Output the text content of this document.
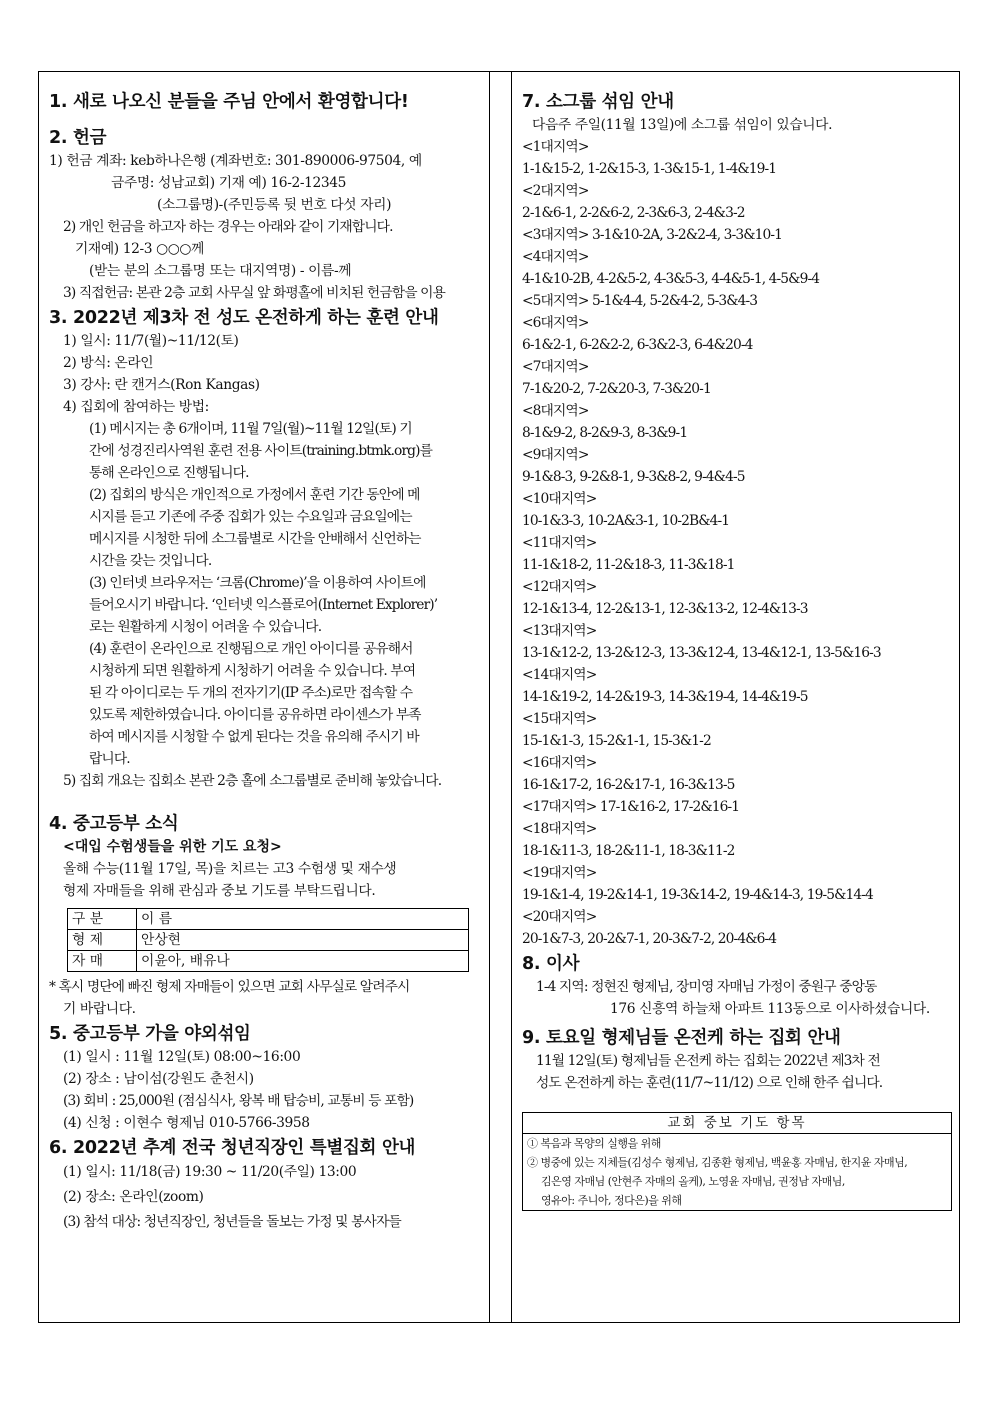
1. 새로 나오신 분들을 주님 안에서 환영합니다!
2. 헌금
1) 헌금 계좌: keb하나은행 (계좌번호: 301-890006-97504, 예
금주명: 성남교회) 기재 예) 16-2-12345
(소그룹명)-(주민등록 뒷 번호 다섯 자리)
2) 개인 헌금을 하고자 하는 경우는 아래와 같이 기재합니다.
기재예) 12-3 ○○○께
(받는 분의 소그룹명 또는 대지역명) - 이름-께
3) 직접헌금: 본관 2층 교회 사무실 앞 화평홀에 비치된 헌금함을 이용
3. 2022년 제3차 전 성도 온전하게 하는 훈련 안내
1) 일시: 11/7(월)~11/12(토)
2) 방식: 온라인
3) 강사: 란 캔거스(Ron Kangas)
4) 집회에 참여하는 방법:
(1) 메시지는 총 6개이며, 11월 7일(월)~11월 12일(토) 기
간에 성경진리사역원 훈련 전용 사이트(training.btmk.org)를
통해 온라인으로 진행됩니다.
(2) 집회의 방식은 개인적으로 가정에서 훈련 기간 동안에 메
시지를 듣고 기존에 주중 집회가 있는 수요일과 금요일에는
메시지를 시청한 뒤에 소그룹별로 시간을 안배해서 신언하는
시간을 갖는 것입니다.
(3) 인터넷 브라우저는 ‘크롬(Chrome)’을 이용하여 사이트에
들어오시기 바랍니다. ‘인터넷 익스플로어(Internet Explorer)’
로는 원활하게 시청이 어려울 수 있습니다.
(4) 훈련이 온라인으로 진행됨으로 개인 아이디를 공유해서
시청하게 되면 원활하게 시청하기 어려울 수 있습니다. 부여
된 각 아이디로는 두 개의 전자기기(IP 주소)로만 접속할 수
있도록 제한하였습니다. 아이디를 공유하면 라이센스가 부족
하여 메시지를 시청할 수 없게 된다는 것을 유의해 주시기 바
랍니다.
5) 집회 개요는 집회소 본관 2층 홀에 소그룹별로 준비해 놓았습니다.
4. 중고등부 소식
<대입 수험생들을 위한 기도 요청>
올해 수능(11월 17일, 목)을 치르는 고3 수험생 및 재수생
형제 자매들을 위해 관심과 중보 기도를 부탁드립니다.
구 분	이 름
형 제	안상현
자 매	이윤아, 배유나
* 혹시 명단에 빠진 형제 자매들이 있으면 교회 사무실로 알려주시
기 바랍니다.
5. 중고등부 가을 야외섞임
(1) 일시 : 11월 12일(토) 08:00~16:00
(2) 장소 : 남이섬(강원도 춘천시)
(3) 회비 : 25,000원 (점심식사, 왕복 배 탑승비, 교통비 등 포함)
(4) 신청 : 이현수 형제님 010-5766-3958
6. 2022년 추계 전국 청년직장인 특별집회 안내
(1) 일시: 11/18(금) 19:30 ~ 11/20(주일) 13:00
(2) 장소: 온라인(zoom)
(3) 참석 대상: 청년직장인, 청년들을 돌보는 가정 및 봉사자들
7. 소그룹 섞임 안내
다음주 주일(11월 13일)에 소그룹 섞임이 있습니다.
<1대지역>
1-1&15-2, 1-2&15-3, 1-3&15-1, 1-4&19-1
<2대지역>
2-1&6-1, 2-2&6-2, 2-3&6-3, 2-4&3-2
<3대지역> 3-1&10-2A, 3-2&2-4, 3-3&10-1
<4대지역>
4-1&10-2B, 4-2&5-2, 4-3&5-3, 4-4&5-1, 4-5&9-4
<5대지역> 5-1&4-4, 5-2&4-2, 5-3&4-3
<6대지역>
6-1&2-1, 6-2&2-2, 6-3&2-3, 6-4&20-4
<7대지역>
7-1&20-2, 7-2&20-3, 7-3&20-1
<8대지역>
8-1&9-2, 8-2&9-3, 8-3&9-1
<9대지역>
9-1&8-3, 9-2&8-1, 9-3&8-2, 9-4&4-5
<10대지역>
10-1&3-3, 10-2A&3-1, 10-2B&4-1
<11대지역>
11-1&18-2, 11-2&18-3, 11-3&18-1
<12대지역>
12-1&13-4, 12-2&13-1, 12-3&13-2, 12-4&13-3
<13대지역>
13-1&12-2, 13-2&12-3, 13-3&12-4, 13-4&12-1, 13-5&16-3
<14대지역>
14-1&19-2, 14-2&19-3, 14-3&19-4, 14-4&19-5
<15대지역>
15-1&1-3, 15-2&1-1, 15-3&1-2
<16대지역>
16-1&17-2, 16-2&17-1, 16-3&13-5
<17대지역> 17-1&16-2, 17-2&16-1
<18대지역>
18-1&11-3, 18-2&11-1, 18-3&11-2
<19대지역>
19-1&1-4, 19-2&14-1, 19-3&14-2, 19-4&14-3, 19-5&14-4
<20대지역>
20-1&7-3, 20-2&7-1, 20-3&7-2, 20-4&6-4
8. 이사
1-4 지역: 정현진 형제님, 장미영 자매님 가정이 중원구 중앙동
176 신흥역 하늘채 아파트 113동으로 이사하셨습니다.
9. 토요일 형제님들 온전케 하는 집회 안내
11월 12일(토) 형제님들 온전케 하는 집회는 2022년 제3차 전
성도 온전하게 하는 훈련(11/7~11/12) 으로 인해 한주 쉽니다.
교회 중보 기도 항목
① 복음과 목양의 실행을 위해
② 병중에 있는 지체들(김성수 형제님, 김종환 형제님, 백윤홍 자매님, 한지윤 자매님,
김은영 자매님 (안현주 자매의 올케), 노영윤 자매님, 권정남 자매님,
영유아: 주니아, 정다은)을 위해
